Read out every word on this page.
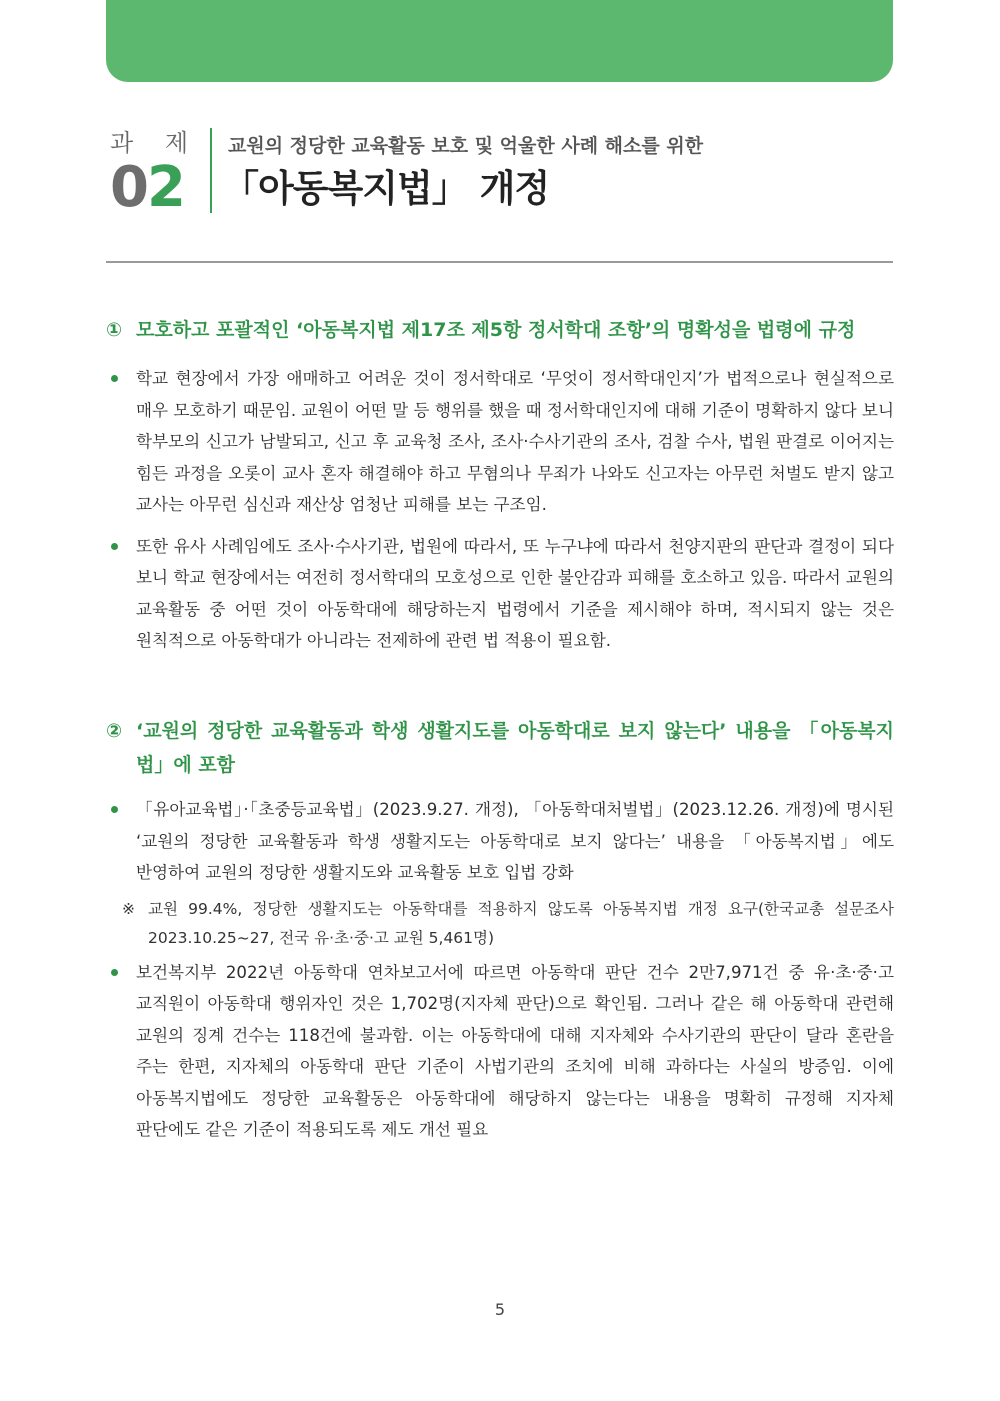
과 제
02
교원의 정당한 교육활동 보호 및 억울한 사례 해소를 위한
「아동복지법」 개정
① 모호하고 포괄적인 ‘아동복지법 제17조 제5항 정서학대 조항’의 명확성을 법령에 규정
학교 현장에서 가장 애매하고 어려운 것이 정서학대로 ‘무엇이 정서학대인지’가 법적으로나 현실적으로 매우 모호하기 때문임. 교원이 어떤 말 등 행위를 했을 때 정서학대인지에 대해 기준이 명확하지 않다 보니 학부모의 신고가 남발되고, 신고 후 교육청 조사, 조사·수사기관의 조사, 검찰 수사, 법원 판결로 이어지는 힘든 과정을 오롯이 교사 혼자 해결해야 하고 무혐의나 무죄가 나와도 신고자는 아무런 처벌도 받지 않고 교사는 아무런 심신과 재산상 엄청난 피해를 보는 구조임.
또한 유사 사례임에도 조사·수사기관, 법원에 따라서, 또 누구냐에 따라서 천양지판의 판단과 결정이 되다 보니 학교 현장에서는 여전히 정서학대의 모호성으로 인한 불안감과 피해를 호소하고 있음. 따라서 교원의 교육활동 중 어떤 것이 아동학대에 해당하는지 법령에서 기준을 제시해야 하며, 적시되지 않는 것은 원칙적으로 아동학대가 아니라는 전제하에 관련 법 적용이 필요함.
② ‘교원의 정당한 교육활동과 학생 생활지도를 아동학대로 보지 않는다’ 내용을 「아동복지법」에 포함
「유아교육법」·「초중등교육법」(2023.9.27. 개정), 「아동학대처벌법」(2023.12.26. 개정)에 명시된 ‘교원의 정당한 교육활동과 학생 생활지도는 아동학대로 보지 않다는’ 내용을 「아동복지법」에도 반영하여 교원의 정당한 생활지도와 교육활동 보호 입법 강화
※ 교원 99.4%, 정당한 생활지도는 아동학대를 적용하지 않도록 아동복지법 개정 요구(한국교총 설문조사 2023.10.25~27, 전국 유·초·중·고 교원 5,461명)
보건복지부 2022년 아동학대 연차보고서에 따르면 아동학대 판단 건수 2만7,971건 중 유·초·중·고 교직원이 아동학대 행위자인 것은 1,702명(지자체 판단)으로 확인됨. 그러나 같은 해 아동학대 관련해 교원의 징계 건수는 118건에 불과함. 이는 아동학대에 대해 지자체와 수사기관의 판단이 달라 혼란을 주는 한편, 지자체의 아동학대 판단 기준이 사법기관의 조치에 비해 과하다는 사실의 방증임. 이에 아동복지법에도 정당한 교육활동은 아동학대에 해당하지 않는다는 내용을 명확히 규정해 지자체 판단에도 같은 기준이 적용되도록 제도 개선 필요
5
